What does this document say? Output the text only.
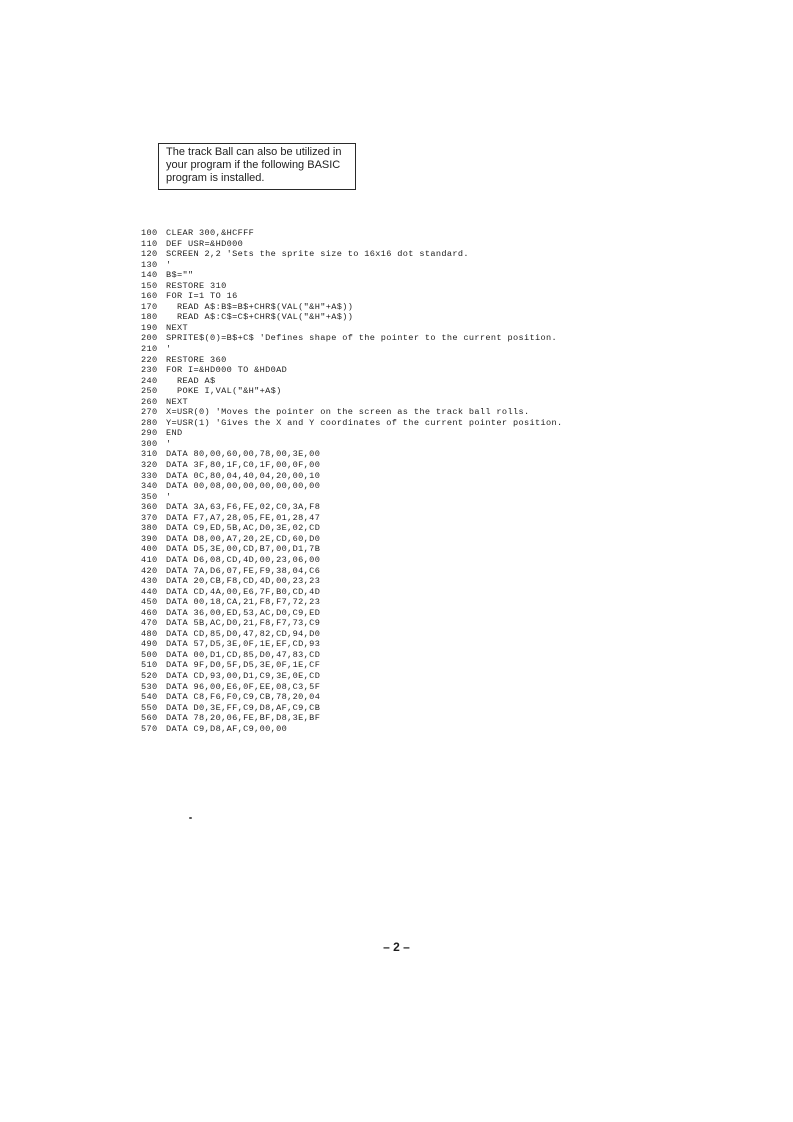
The track Ball can also be utilized in
your program if the following BASIC
program is installed.
100 CLEAR 300,&HCFFF
110 DEF USR=&HD000
120 SCREEN 2,2 'Sets the sprite size to 16x16 dot standard.
130 '
140 B$=""
150 RESTORE 310
160 FOR I=1 TO 16
170  READ A$:B$=B$+CHR$(VAL("&H"+A$))
180  READ A$:C$=C$+CHR$(VAL("&H"+A$))
190 NEXT
200 SPRITE$(0)=B$+C$ 'Defines shape of the pointer to the current position.
210 '
220 RESTORE 360
230 FOR I=&HD000 TO &HD0AD
240  READ A$
250  POKE I,VAL("&H"+A$)
260 NEXT
270 X=USR(0) 'Moves the pointer on the screen as the track ball rolls.
280 Y=USR(1) 'Gives the X and Y coordinates of the current pointer position.
290 END
300 '
310 DATA 80,00,60,00,78,00,3E,00
320 DATA 3F,80,1F,C0,1F,00,0F,00
330 DATA 0C,80,04,40,04,20,00,10
340 DATA 00,08,00,00,00,00,00,00
350 '
360 DATA 3A,63,F6,FE,02,C0,3A,F8
370 DATA F7,A7,28,05,FE,01,28,47
380 DATA C9,ED,5B,AC,D0,3E,02,CD
390 DATA D8,00,A7,20,2E,CD,60,D0
400 DATA D5,3E,00,CD,B7,00,D1,7B
410 DATA D6,08,CD,4D,00,23,06,00
420 DATA 7A,D6,07,FE,F9,38,04,C6
430 DATA 20,CB,F8,CD,4D,00,23,23
440 DATA CD,4A,00,E6,7F,B0,CD,4D
450 DATA 00,18,CA,21,F8,F7,72,23
460 DATA 36,00,ED,53,AC,D0,C9,ED
470 DATA 5B,AC,D0,21,F8,F7,73,C9
480 DATA CD,85,D0,47,82,CD,94,D0
490 DATA 57,D5,3E,0F,1E,EF,CD,93
500 DATA 00,D1,CD,85,D0,47,83,CD
510 DATA 9F,D0,5F,D5,3E,0F,1E,CF
520 DATA CD,93,00,D1,C9,3E,0E,CD
530 DATA 96,00,E6,0F,EE,08,C3,5F
540 DATA C8,F6,F0,C9,CB,78,20,04
550 DATA D0,3E,FF,C9,D8,AF,C9,CB
560 DATA 78,20,06,FE,BF,D8,3E,BF
570 DATA C9,D8,AF,C9,00,00
– 2 –
